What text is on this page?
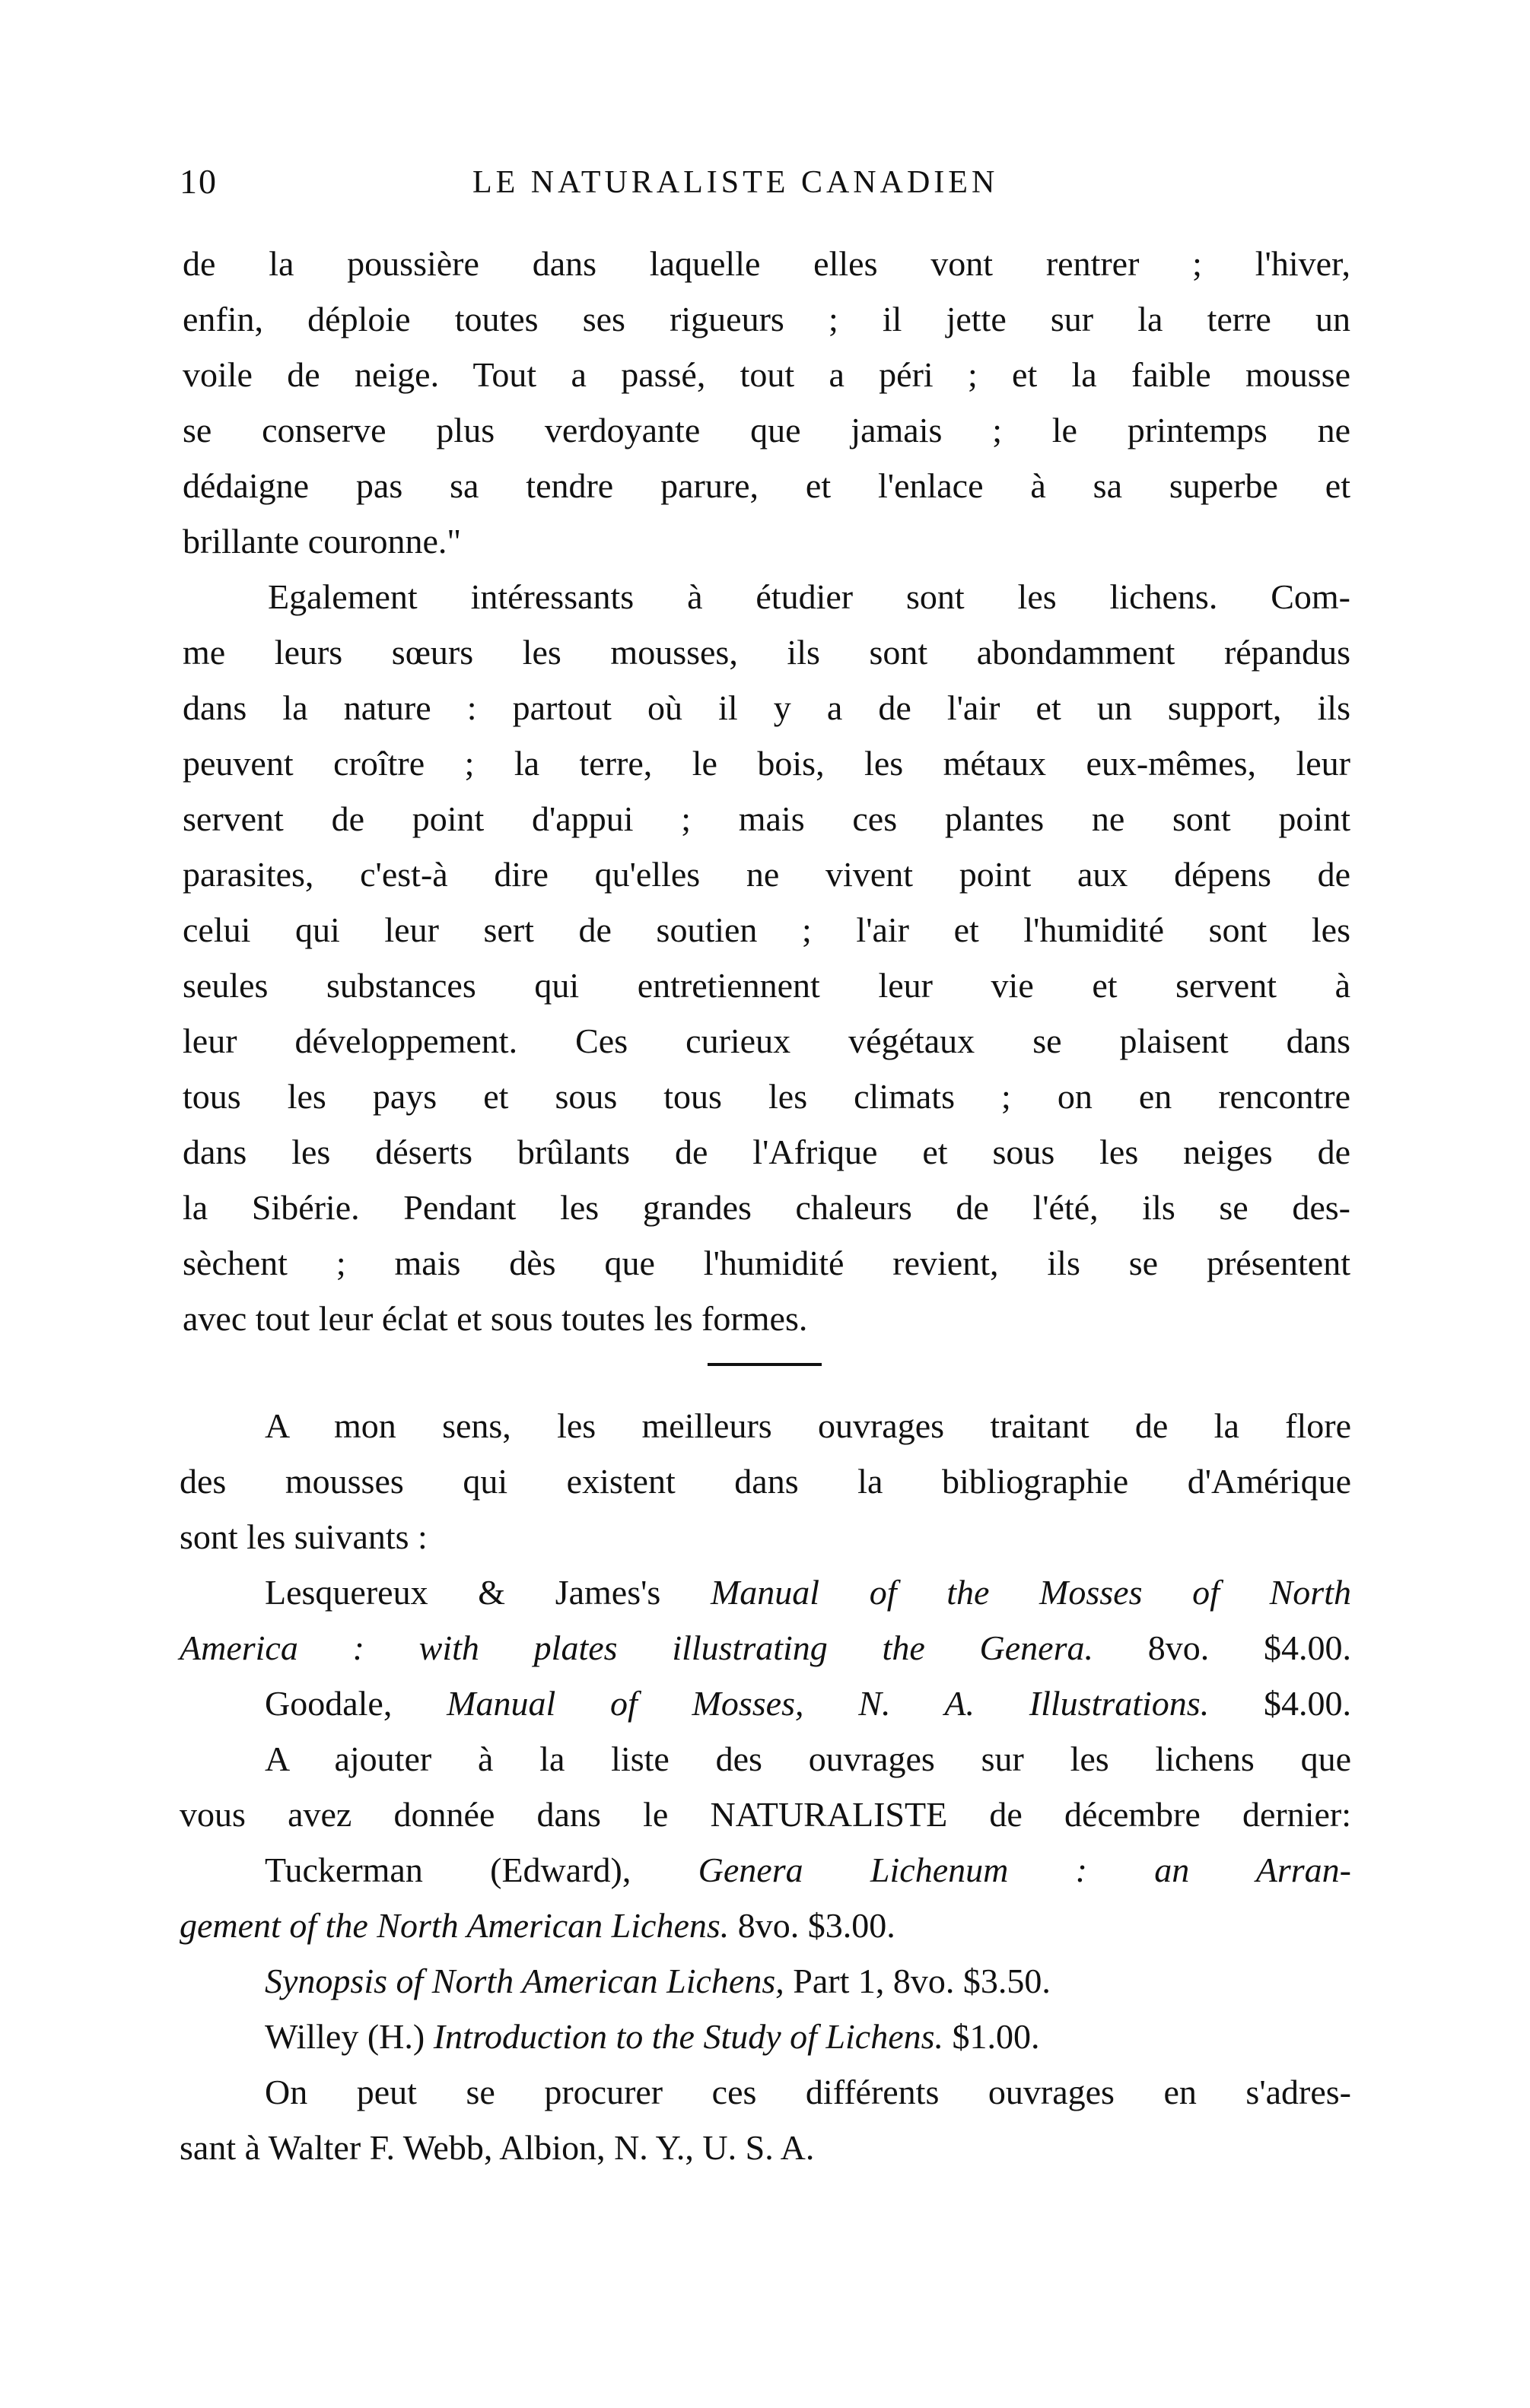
10	LE NATURALISTE CANADIEN
de la poussière dans laquelle elles vont rentrer ; l'hiver,
enfin, déploie toutes ses rigueurs ; il jette sur la terre un
voile de neige. Tout a passé, tout a péri ; et la faible mousse
se conserve plus verdoyante que jamais ; le printemps ne
dédaigne pas sa tendre parure, et l'enlace à sa superbe et
brillante couronne."
Egalement intéressants à étudier sont les lichens. Com-
me leurs sœurs les mousses, ils sont abondamment répandus
dans la nature : partout où il y a de l'air et un support, ils
peuvent croître ; la terre, le bois, les métaux eux-mêmes, leur
servent de point d'appui ; mais ces plantes ne sont point
parasites, c'est-à dire qu'elles ne vivent point aux dépens de
celui qui leur sert de soutien ; l'air et l'humidité sont les
seules substances qui entretiennent leur vie et servent à
leur développement. Ces curieux végétaux se plaisent dans
tous les pays et sous tous les climats ; on en rencontre
dans les déserts brûlants de l'Afrique et sous les neiges de
la Sibérie. Pendant les grandes chaleurs de l'été, ils se des-
sèchent ; mais dès que l'humidité revient, ils se présentent
avec tout leur éclat et sous toutes les formes.
A mon sens, les meilleurs ouvrages traitant de la flore
des mousses qui existent dans la bibliographie d'Amérique
sont les suivants :
Lesquereux & James's Manual of the Mosses of North
America : with plates illustrating the Genera. 8vo. $4.00.
Goodale, Manual of Mosses, N. A. Illustrations. $4.00.
A ajouter à la liste des ouvrages sur les lichens que
vous avez donnée dans le NATURALISTE de décembre dernier:
Tuckerman (Edward), Genera Lichenum : an Arran-
gement of the North American Lichens. 8vo. $3.00.
Synopsis of North American Lichens, Part 1, 8vo. $3.50.
Willey (H.) Introduction to the Study of Lichens. $1.00.
On peut se procurer ces différents ouvrages en s'adres-
sant à Walter F. Webb, Albion, N. Y., U. S. A.
